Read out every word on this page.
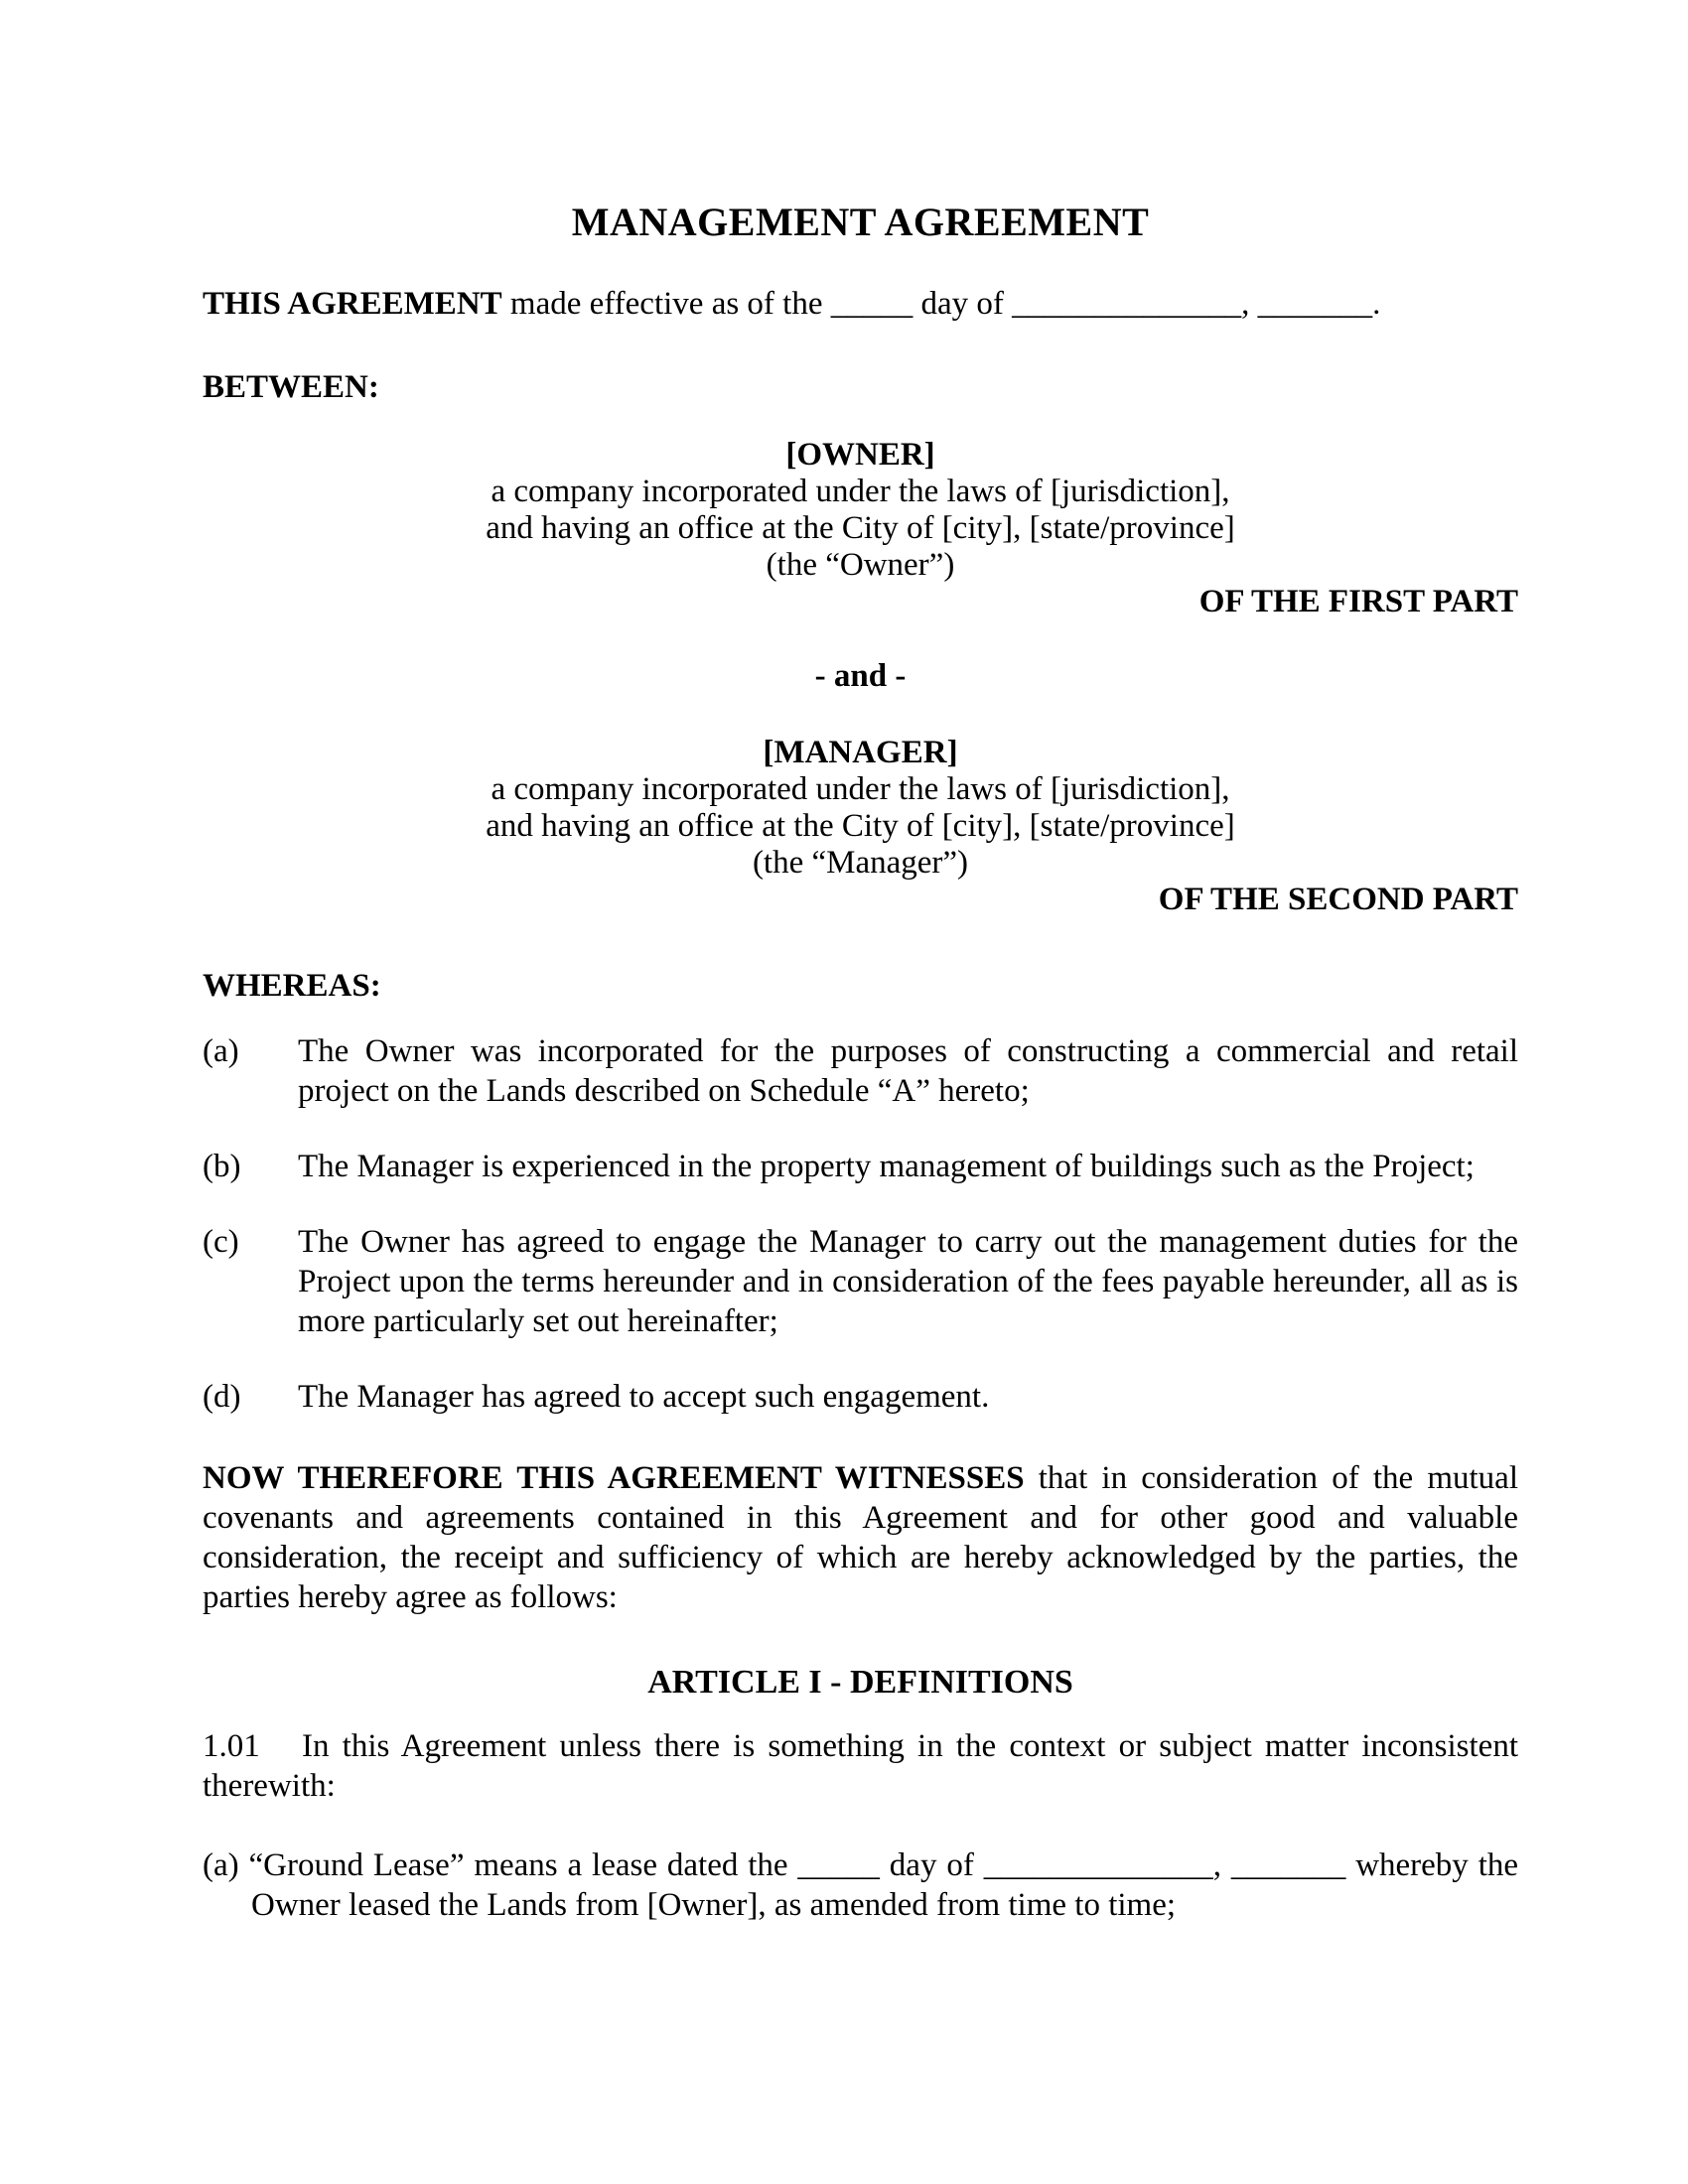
MANAGEMENT AGREEMENT

THIS AGREEMENT made effective as of the _____ day of ______________, _______.

BETWEEN:

[OWNER]
a company incorporated under the laws of [jurisdiction],
and having an office at the City of [city], [state/province]
(the “Owner”)
OF THE FIRST PART
- and -
[MANAGER]
a company incorporated under the laws of [jurisdiction],
and having an office at the City of [city], [state/province]
(the “Manager”)
OF THE SECOND PART

WHEREAS:

(a)	The Owner was incorporated for the purposes of constructing a commercial and retail project on the Lands described on Schedule “A” hereto;
(b)	The Manager is experienced in the property management of buildings such as the Project;
(c)	The Owner has agreed to engage the Manager to carry out the management duties for the Project upon the terms hereunder and in consideration of the fees payable hereunder, all as is more particularly set out hereinafter;
(d)	The Manager has agreed to accept such engagement.

NOW THEREFORE THIS AGREEMENT WITNESSES that in consideration of the mutual covenants and agreements contained in this Agreement and for other good and valuable consideration, the receipt and sufficiency of which are hereby acknowledged by the parties, the parties hereby agree as follows:

ARTICLE I - DEFINITIONS

1.01 In this Agreement unless there is something in the context or subject matter inconsistent therewith:

(a) “Ground Lease” means a lease dated the _____ day of ______________, _______ whereby the Owner leased the Lands from [Owner], as amended from time to time;
